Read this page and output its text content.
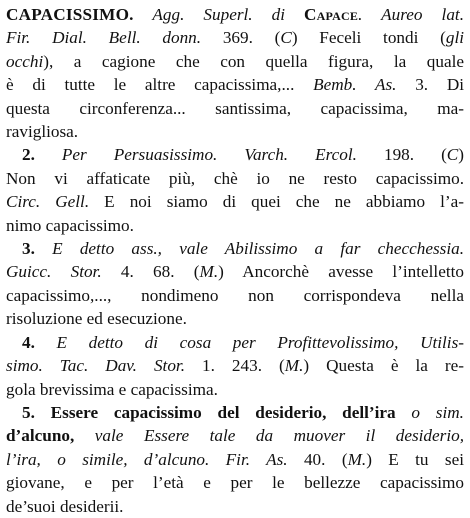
CAPACISSIMO. Agg. Superl. di Capace. Aureo lat.
Fir. Dial. Bell. donn. 369. (C) Feceli tondi (gli
occhi), a cagione che con quella figura, la quale
è di tutte le altre capacissima,... Bemb. As. 3. Di
questa circonferenza... santissima, capacissima, ma-
ravigliosa.
2. Per Persuasissimo. Varch. Ercol. 198. (C)
Non vi affaticate più, chè io ne resto capacissimo.
Circ. Gell. E noi siamo di quei che ne abbiamo l’a-
nimo capacissimo.
3. E detto ass., vale Abilissimo a far checchessia.
Guicc. Stor. 4. 68. (M.) Ancorchè avesse l’intelletto
capacissimo,..., nondimeno non corrispondeva nella
risoluzione ed esecuzione.
4. E detto di cosa per Profittevolissimo, Utilis-
simo. Tac. Dav. Stor. 1. 243. (M.) Questa è la re-
gola brevissima e capacissima.
5. Essere capacissimo del desiderio, dell’ira o sim.
d’alcuno, vale Essere tale da muover il desiderio,
l’ira, o simile, d’alcuno. Fir. As. 40. (M.) E tu sei
giovane, e per l’età e per le bellezze capacissimo
de’suoi desiderii.
